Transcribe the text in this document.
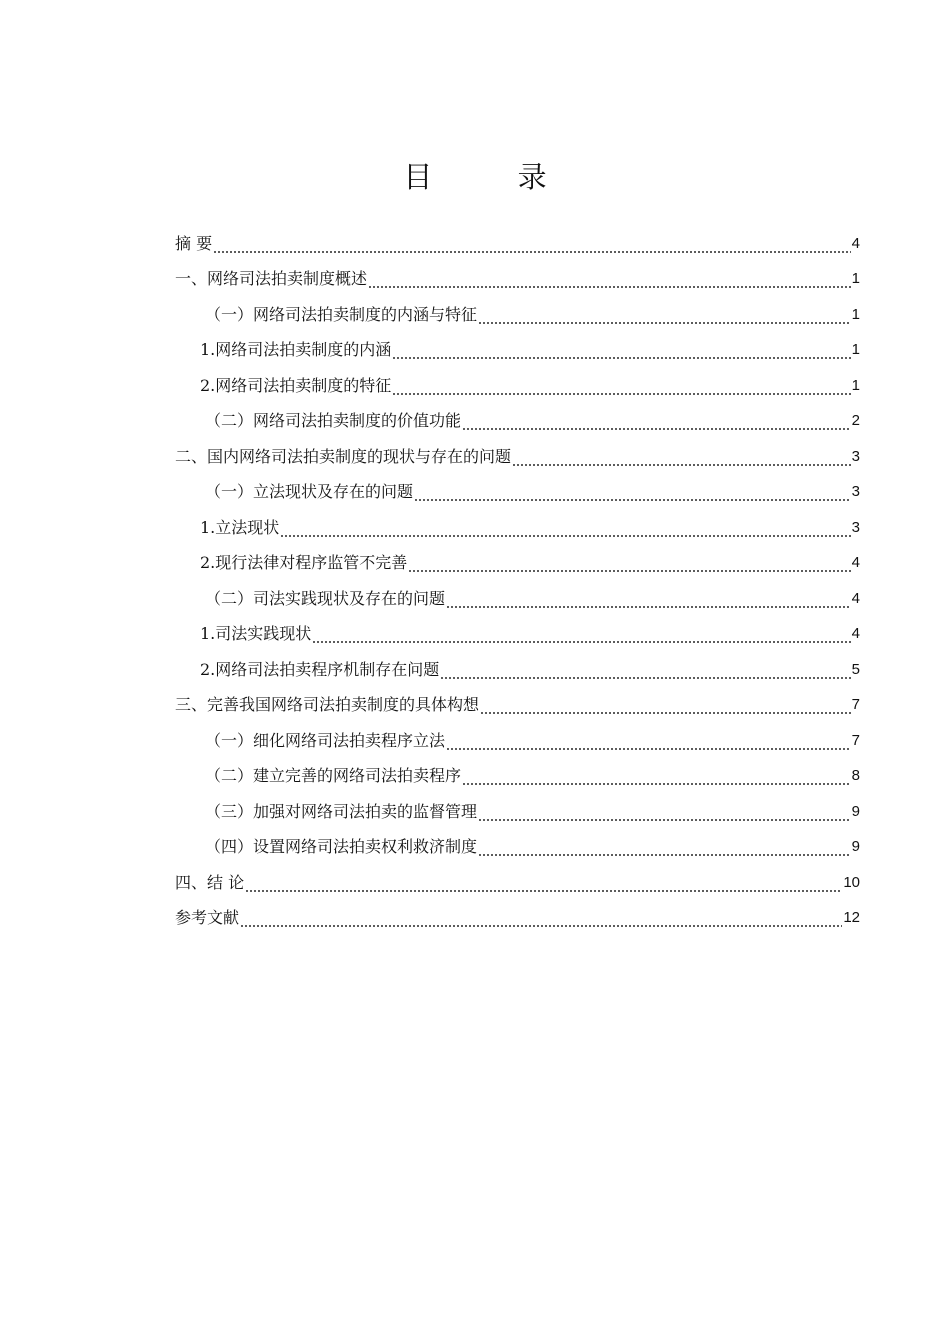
目 录
摘 要	4
一、网络司法拍卖制度概述	1
（一）网络司法拍卖制度的内涵与特征	1
1.网络司法拍卖制度的内涵	1
2.网络司法拍卖制度的特征	1
（二）网络司法拍卖制度的价值功能	2
二、国内网络司法拍卖制度的现状与存在的问题	3
（一）立法现状及存在的问题	3
1.立法现状	3
2.现行法律对程序监管不完善	4
（二）司法实践现状及存在的问题	4
1.司法实践现状	4
2.网络司法拍卖程序机制存在问题	5
三、完善我国网络司法拍卖制度的具体构想	7
（一）细化网络司法拍卖程序立法	7
（二）建立完善的网络司法拍卖程序	8
（三）加强对网络司法拍卖的监督管理	9
（四）设置网络司法拍卖权利救济制度	9
四、结 论	10
参考文献	12
